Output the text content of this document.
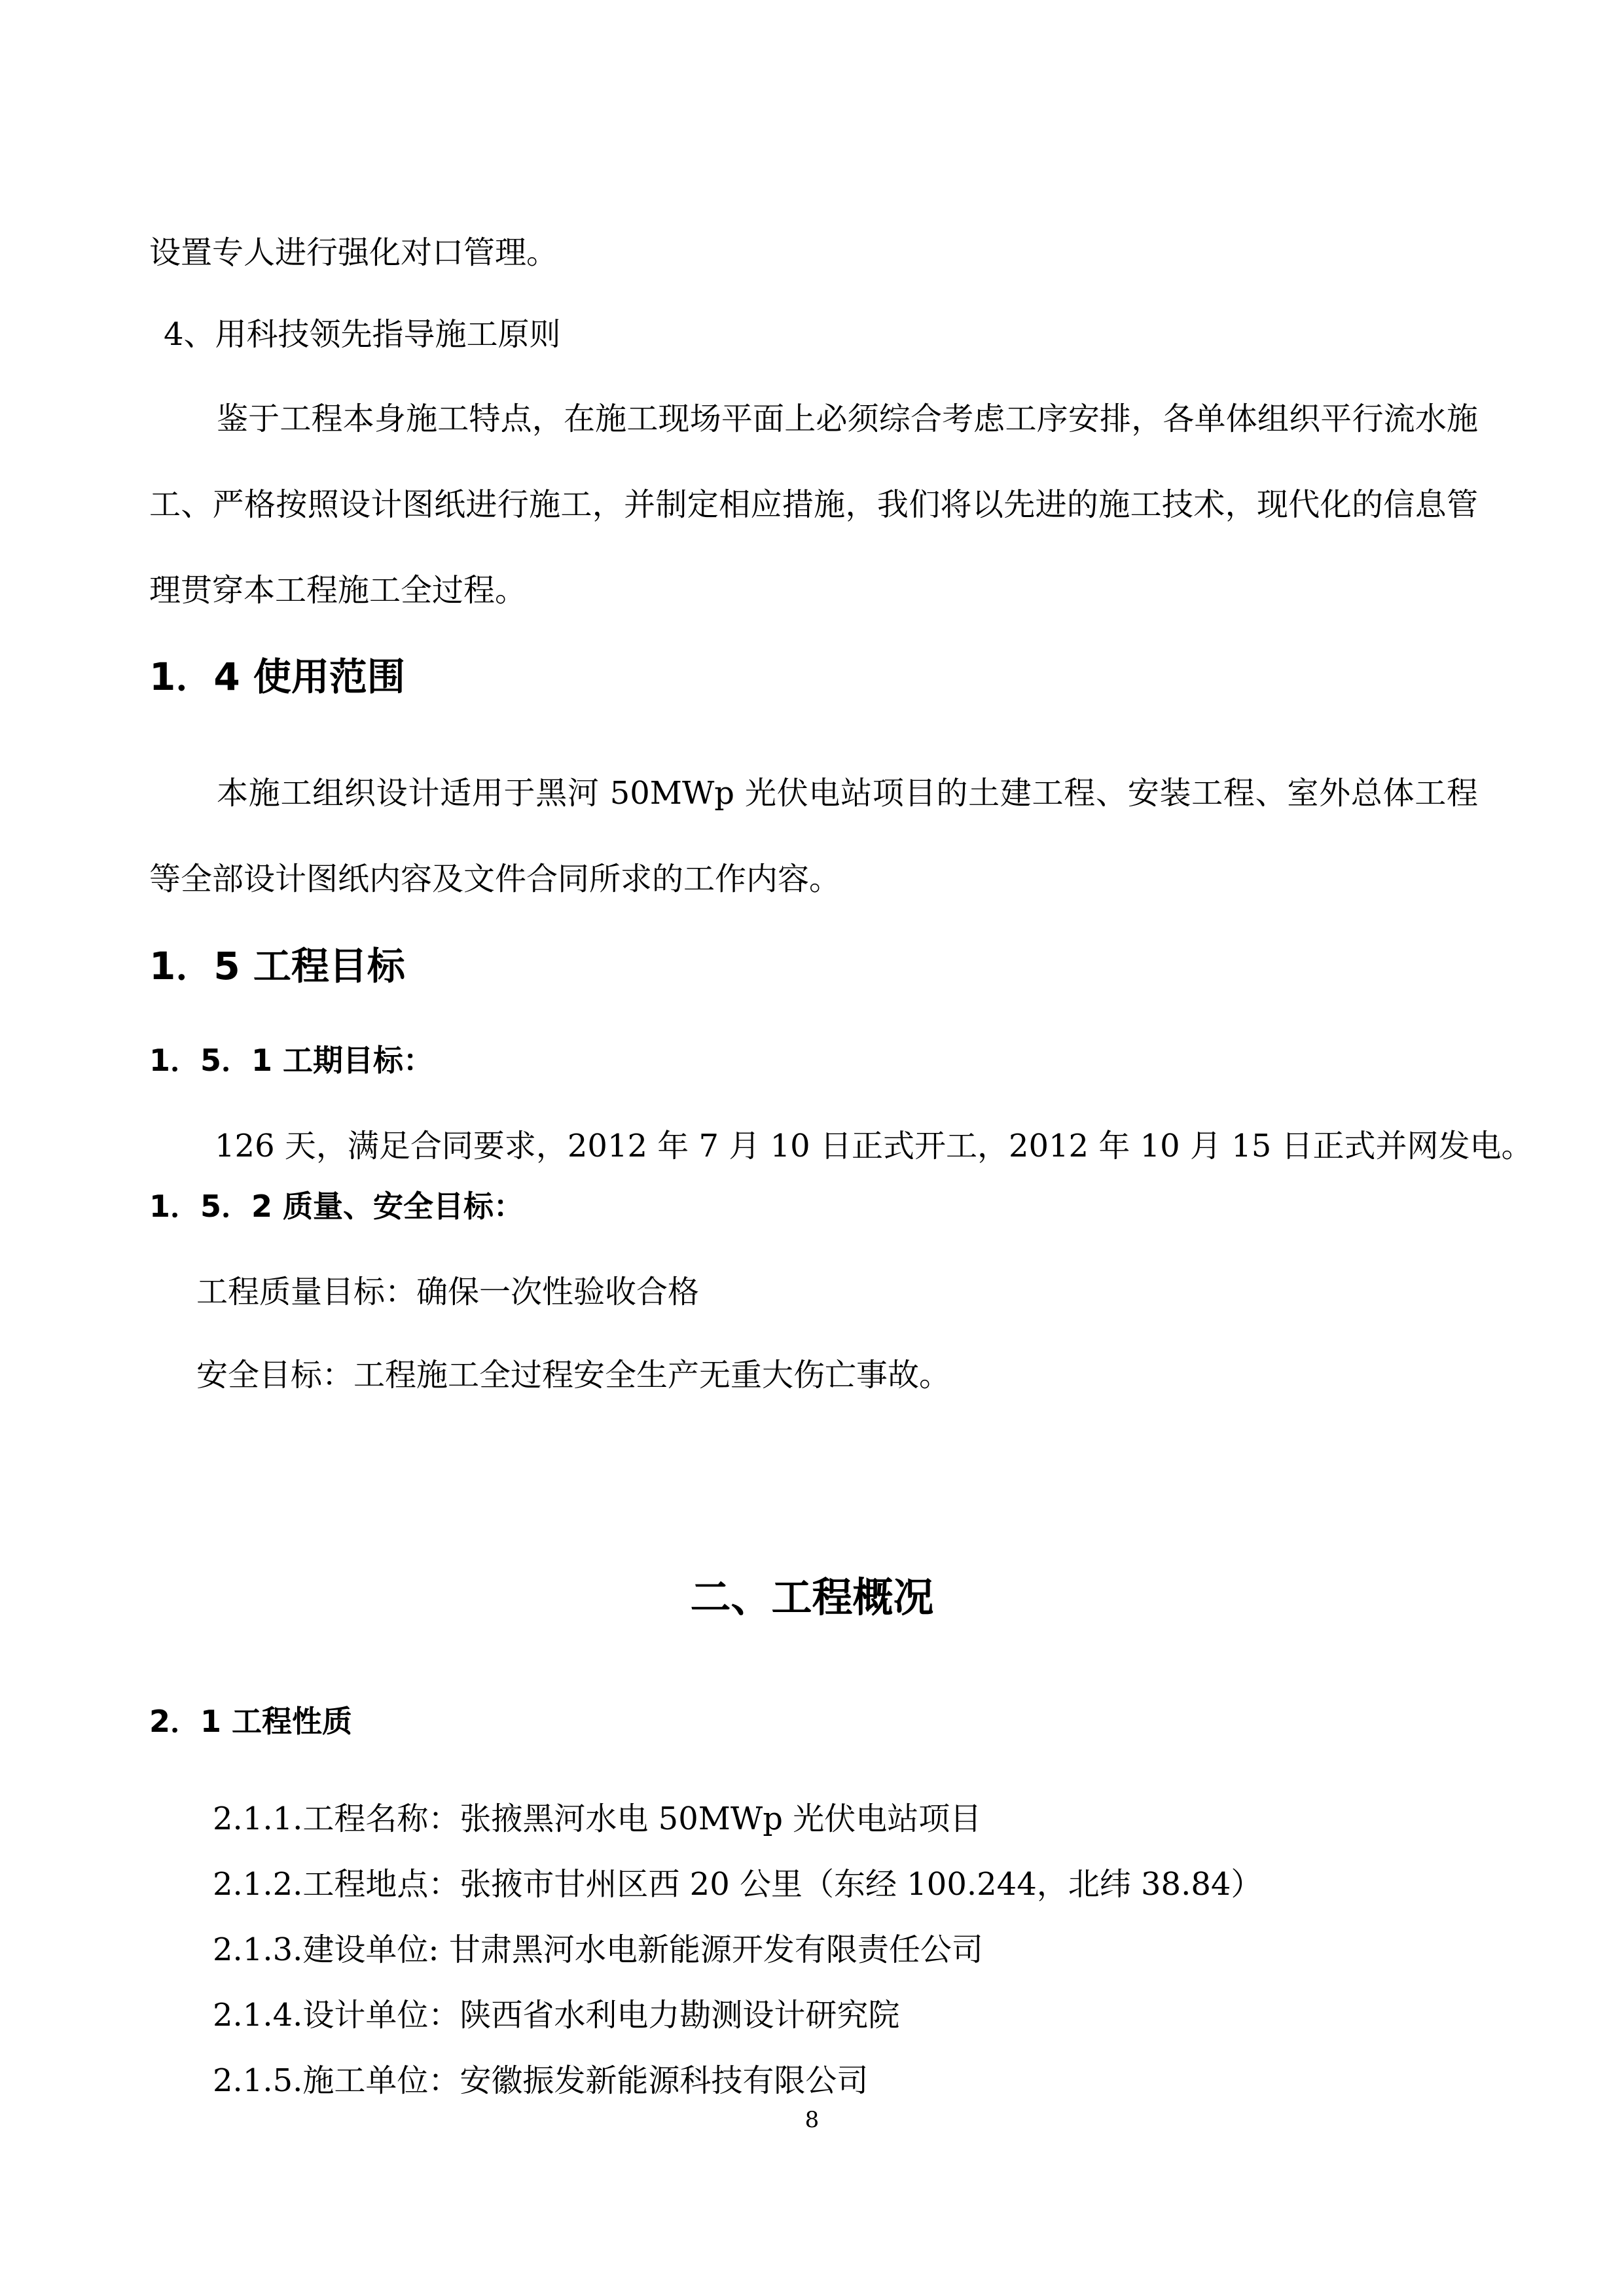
设置专人进行强化对口管理。
4、用科技领先指导施工原则
鉴于工程本身施工特点，在施工现场平面上必须综合考虑工序安排，各单体组织平行流水施工、严格按照设计图纸进行施工，并制定相应措施，我们将以先进的施工技术，现代化的信息管理贯穿本工程施工全过程。
1．4 使用范围
本施工组织设计适用于黑河 50MWp 光伏电站项目的土建工程、安装工程、室外总体工程等全部设计图纸内容及文件合同所求的工作内容。
1．5 工程目标
1．5．1 工期目标：
126 天，满足合同要求，2012 年 7 月 10 日正式开工，2012 年 10 月 15 日正式并网发电。
1．5．2 质量、安全目标：
工程质量目标：确保一次性验收合格
安全目标：工程施工全过程安全生产无重大伤亡事故。
二、工程概况
2．1 工程性质
2.1.1.工程名称：张掖黑河水电 50MWp 光伏电站项目
2.1.2.工程地点：张掖市甘州区西 20 公里（东经 100.244，北纬 38.84）
2.1.3.建设单位: 甘肃黑河水电新能源开发有限责任公司
2.1.4.设计单位：陕西省水利电力勘测设计研究院
2.1.5.施工单位：安徽振发新能源科技有限公司
8
